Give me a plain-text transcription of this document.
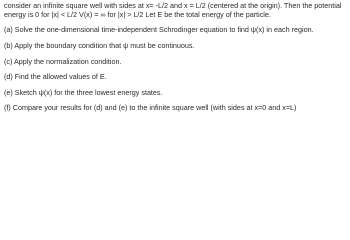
consider an infinite square well with sides at x= -L/2 and x = L/2 (centered at the origin). Then the potential
energy is 0 for |x| < L/2 V(x) = ∞ for |x| > L/2 Let E be the total energy of the particle.
(a) Solve the one-dimensional time-independent Schrodinger equation to find ψ(x) in each region.
(b) Apply the boundary condition that ψ must be continuous.
(c) Apply the normalization condition.
(d) Find the allowed values of E.
(e) Sketch ψ(x) for the three lowest energy states.
(f) Compare your results for (d) and (e) to the infinite square well (with sides at x=0 and x=L)
